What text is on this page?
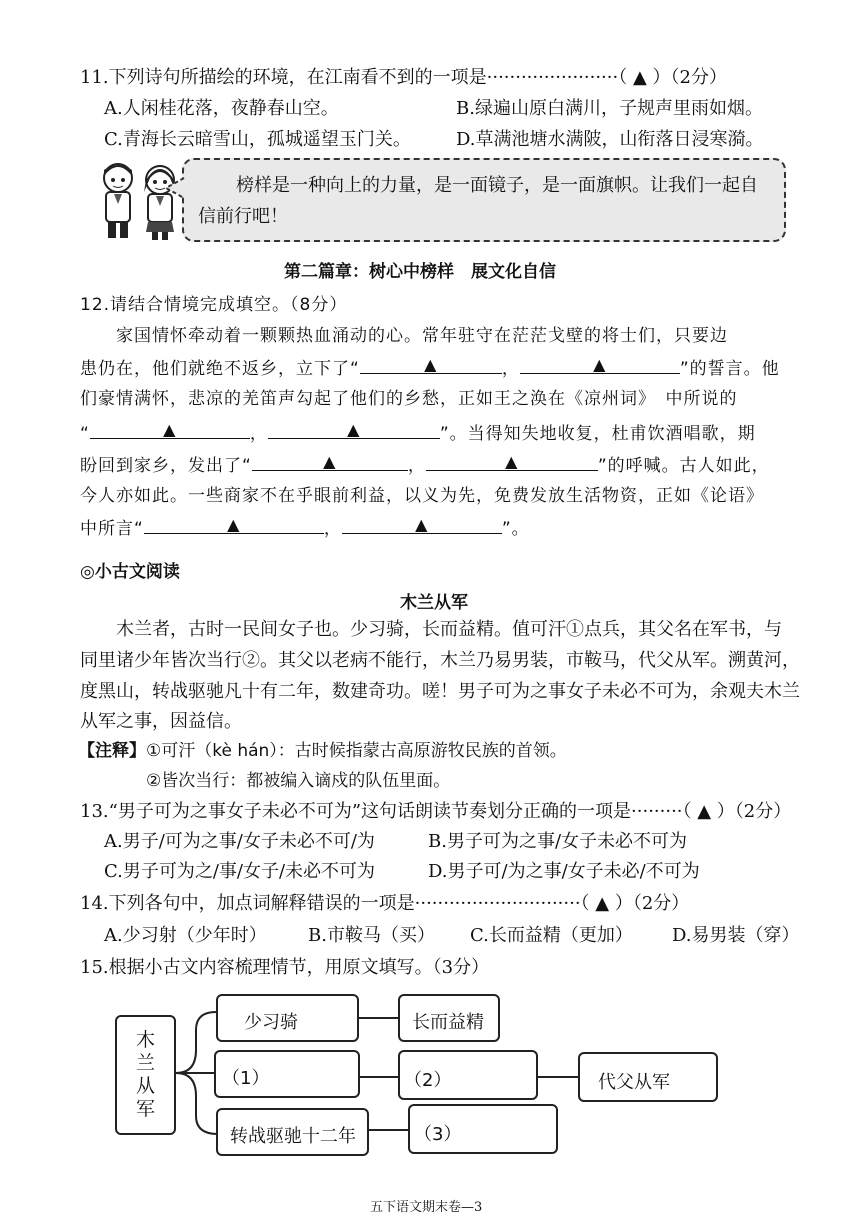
11.下列诗句所描绘的环境，在江南看不到的一项是·······················（ ▲ ）（2分）
A.人闲桂花落，夜静春山空。	B.绿遍山原白满川，子规声里雨如烟。
C.青海长云暗雪山，孤城遥望玉门关。	D.草满池塘水满陂，山衔落日浸寒漪。
榜样是一种向上的力量，是一面镜子，是一面旗帜。让我们一起自
信前行吧！
第二篇章：树心中榜样　展文化自信
12.请结合情境完成填空。（8分）
家国情怀牵动着一颗颗热血涌动的心。常年驻守在茫茫戈壁的将士们，只要边
患仍在，他们就绝不返乡，立下了“	▲	，	▲	”的誓言。他
们豪情满怀，悲凉的羌笛声勾起了他们的乡愁，正如王之涣在《凉州词》　中所说的
“	▲	，	▲	”。当得知失地收复，杜甫饮酒唱歌，期
盼回到家乡，发出了“	▲	，	▲	”的呼喊。古人如此，
今人亦如此。一些商家不在乎眼前利益，以义为先，免费发放生活物资，正如《论语》
中所言“	▲	，	▲	”。
◎小古文阅读
木兰从军
木兰者，古时一民间女子也。少习骑，长而益精。值可汗①点兵，其父名在军书，与
同里诸少年皆次当行②。其父以老病不能行，木兰乃易男装，市鞍马，代父从军。溯黄河，
度黑山，转战驱驰凡十有二年，数建奇功。嗟！男子可为之事女子未必不可为，余观夫木兰
从军之事，因益信。
【注释】①可汗（kè hán）：古时候指蒙古高原游牧民族的首领。
②皆次当行：都被编入谪戍的队伍里面。
13.“男子可为之事女子未必不可为”这句话朗读节奏划分正确的一项是·········（ ▲ ）（2分）
A.男子/可为之事/女子未必不可/为	B.男子可为之事/女子未必不可为
C.男子可为之/事/女子/未必不可为	D.男子可/为之事/女子未必/不可为
14.下列各句中，加点词解释错误的一项是·····························（ ▲ ）（2分）
A.少习射（少年时） B.市鞍马（买） C.长而益精（更加） D.易男装（穿）
15.根据小古文内容梳理情节，用原文填写。（3分）
木兰从军
少习骑	长而益精
（1）	（2）	代父从军
转战驱驰十二年	（3）
五下语文期末卷—3
